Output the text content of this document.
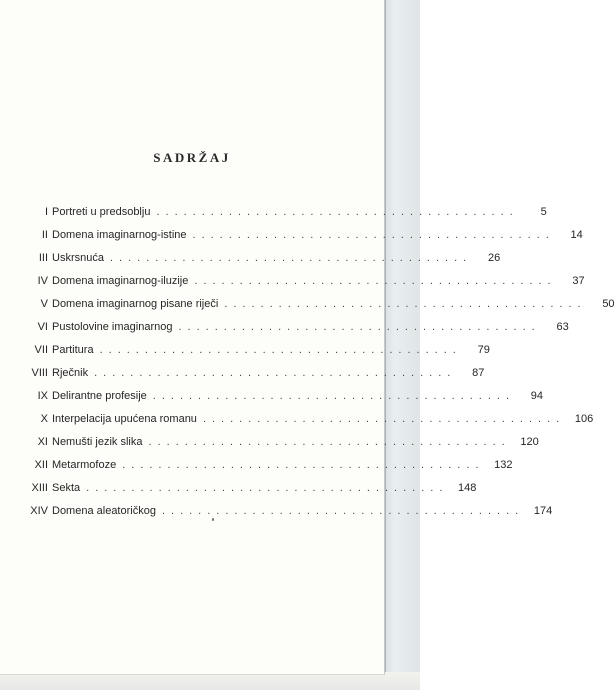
SADRŽAJ
I Portreti u predsoblju ........................................	5
II Domena imaginarnog-istine ........................................	14
III Uskrsnuća ........................................	26
IV Domena imaginarnog-iluzije ........................................	37
V Domena imaginarnog pisane riječi ........................................	50
VI Pustolovine imaginarnog ........................................	63
VII Partitura ........................................	79
VIII Rječnik ........................................	87
IX Delirantne profesije ........................................	94
X Interpelacija upućena romanu ........................................ 106
XI Nemušti jezik slika ........................................ 120
XII Metarmofoze ........................................ 132
XIII Sekta ........................................ 148
XIV Domena aleatoričkog ........................................ 174
